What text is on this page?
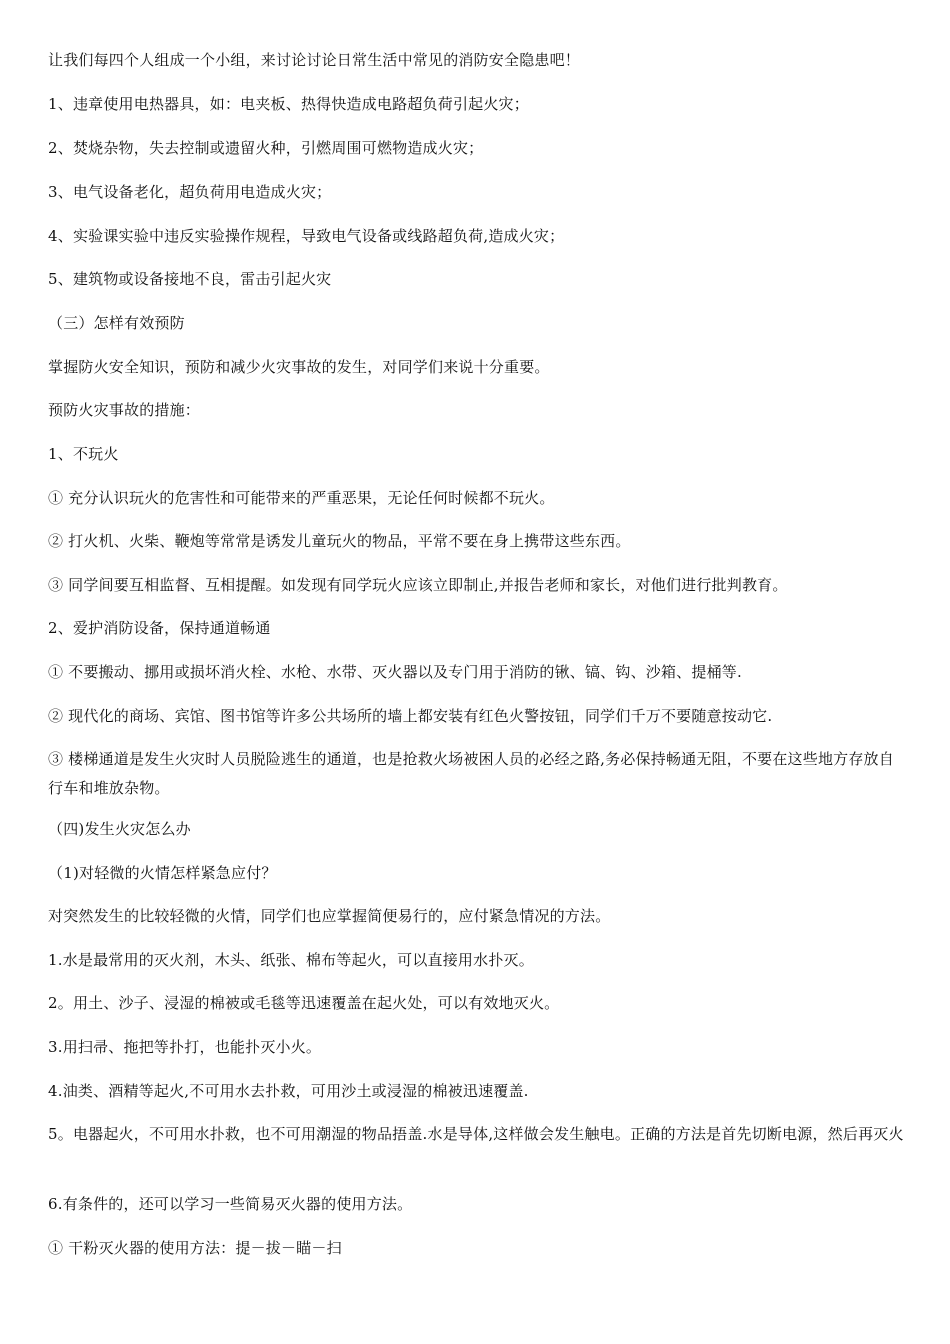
让我们每四个人组成一个小组，来讨论讨论日常生活中常见的消防安全隐患吧！
1、违章使用电热器具，如：电夹板、热得快造成电路超负荷引起火灾；
2、焚烧杂物，失去控制或遗留火种，引燃周围可燃物造成火灾；
3、电气设备老化，超负荷用电造成火灾；
4、实验课实验中违反实验操作规程，导致电气设备或线路超负荷,造成火灾；
5、建筑物或设备接地不良，雷击引起火灾
（三）怎样有效预防
掌握防火安全知识，预防和减少火灾事故的发生，对同学们来说十分重要。
预防火灾事故的措施：
1、不玩火
① 充分认识玩火的危害性和可能带来的严重恶果，无论任何时候都不玩火。
② 打火机、火柴、鞭炮等常常是诱发儿童玩火的物品，平常不要在身上携带这些东西。
③ 同学间要互相监督、互相提醒。如发现有同学玩火应该立即制止,并报告老师和家长，对他们进行批判教育。
2、爱护消防设备，保持通道畅通
① 不要搬动、挪用或损坏消火栓、水枪、水带、灭火器以及专门用于消防的锹、镐、钩、沙箱、提桶等.
② 现代化的商场、宾馆、图书馆等许多公共场所的墙上都安装有红色火警按钮，同学们千万不要随意按动它.
③ 楼梯通道是发生火灾时人员脱险逃生的通道，也是抢救火场被困人员的必经之路,务必保持畅通无阻，不要在这些地方存放自行车和堆放杂物。
（四)发生火灾怎么办
（1)对轻微的火情怎样紧急应付？
对突然发生的比较轻微的火情，同学们也应掌握简便易行的，应付紧急情况的方法。
1.水是最常用的灭火剂，木头、纸张、棉布等起火，可以直接用水扑灭。
2。用土、沙子、浸湿的棉被或毛毯等迅速覆盖在起火处，可以有效地灭火。
3.用扫帚、拖把等扑打，也能扑灭小火。
4.油类、酒精等起火,不可用水去扑救，可用沙土或浸湿的棉被迅速覆盖.
5。电器起火，不可用水扑救，也不可用潮湿的物品捂盖.水是导体,这样做会发生触电。正确的方法是首先切断电源，然后再灭火
6.有条件的，还可以学习一些简易灭火器的使用方法。
① 干粉灭火器的使用方法：提－拔－瞄－扫
